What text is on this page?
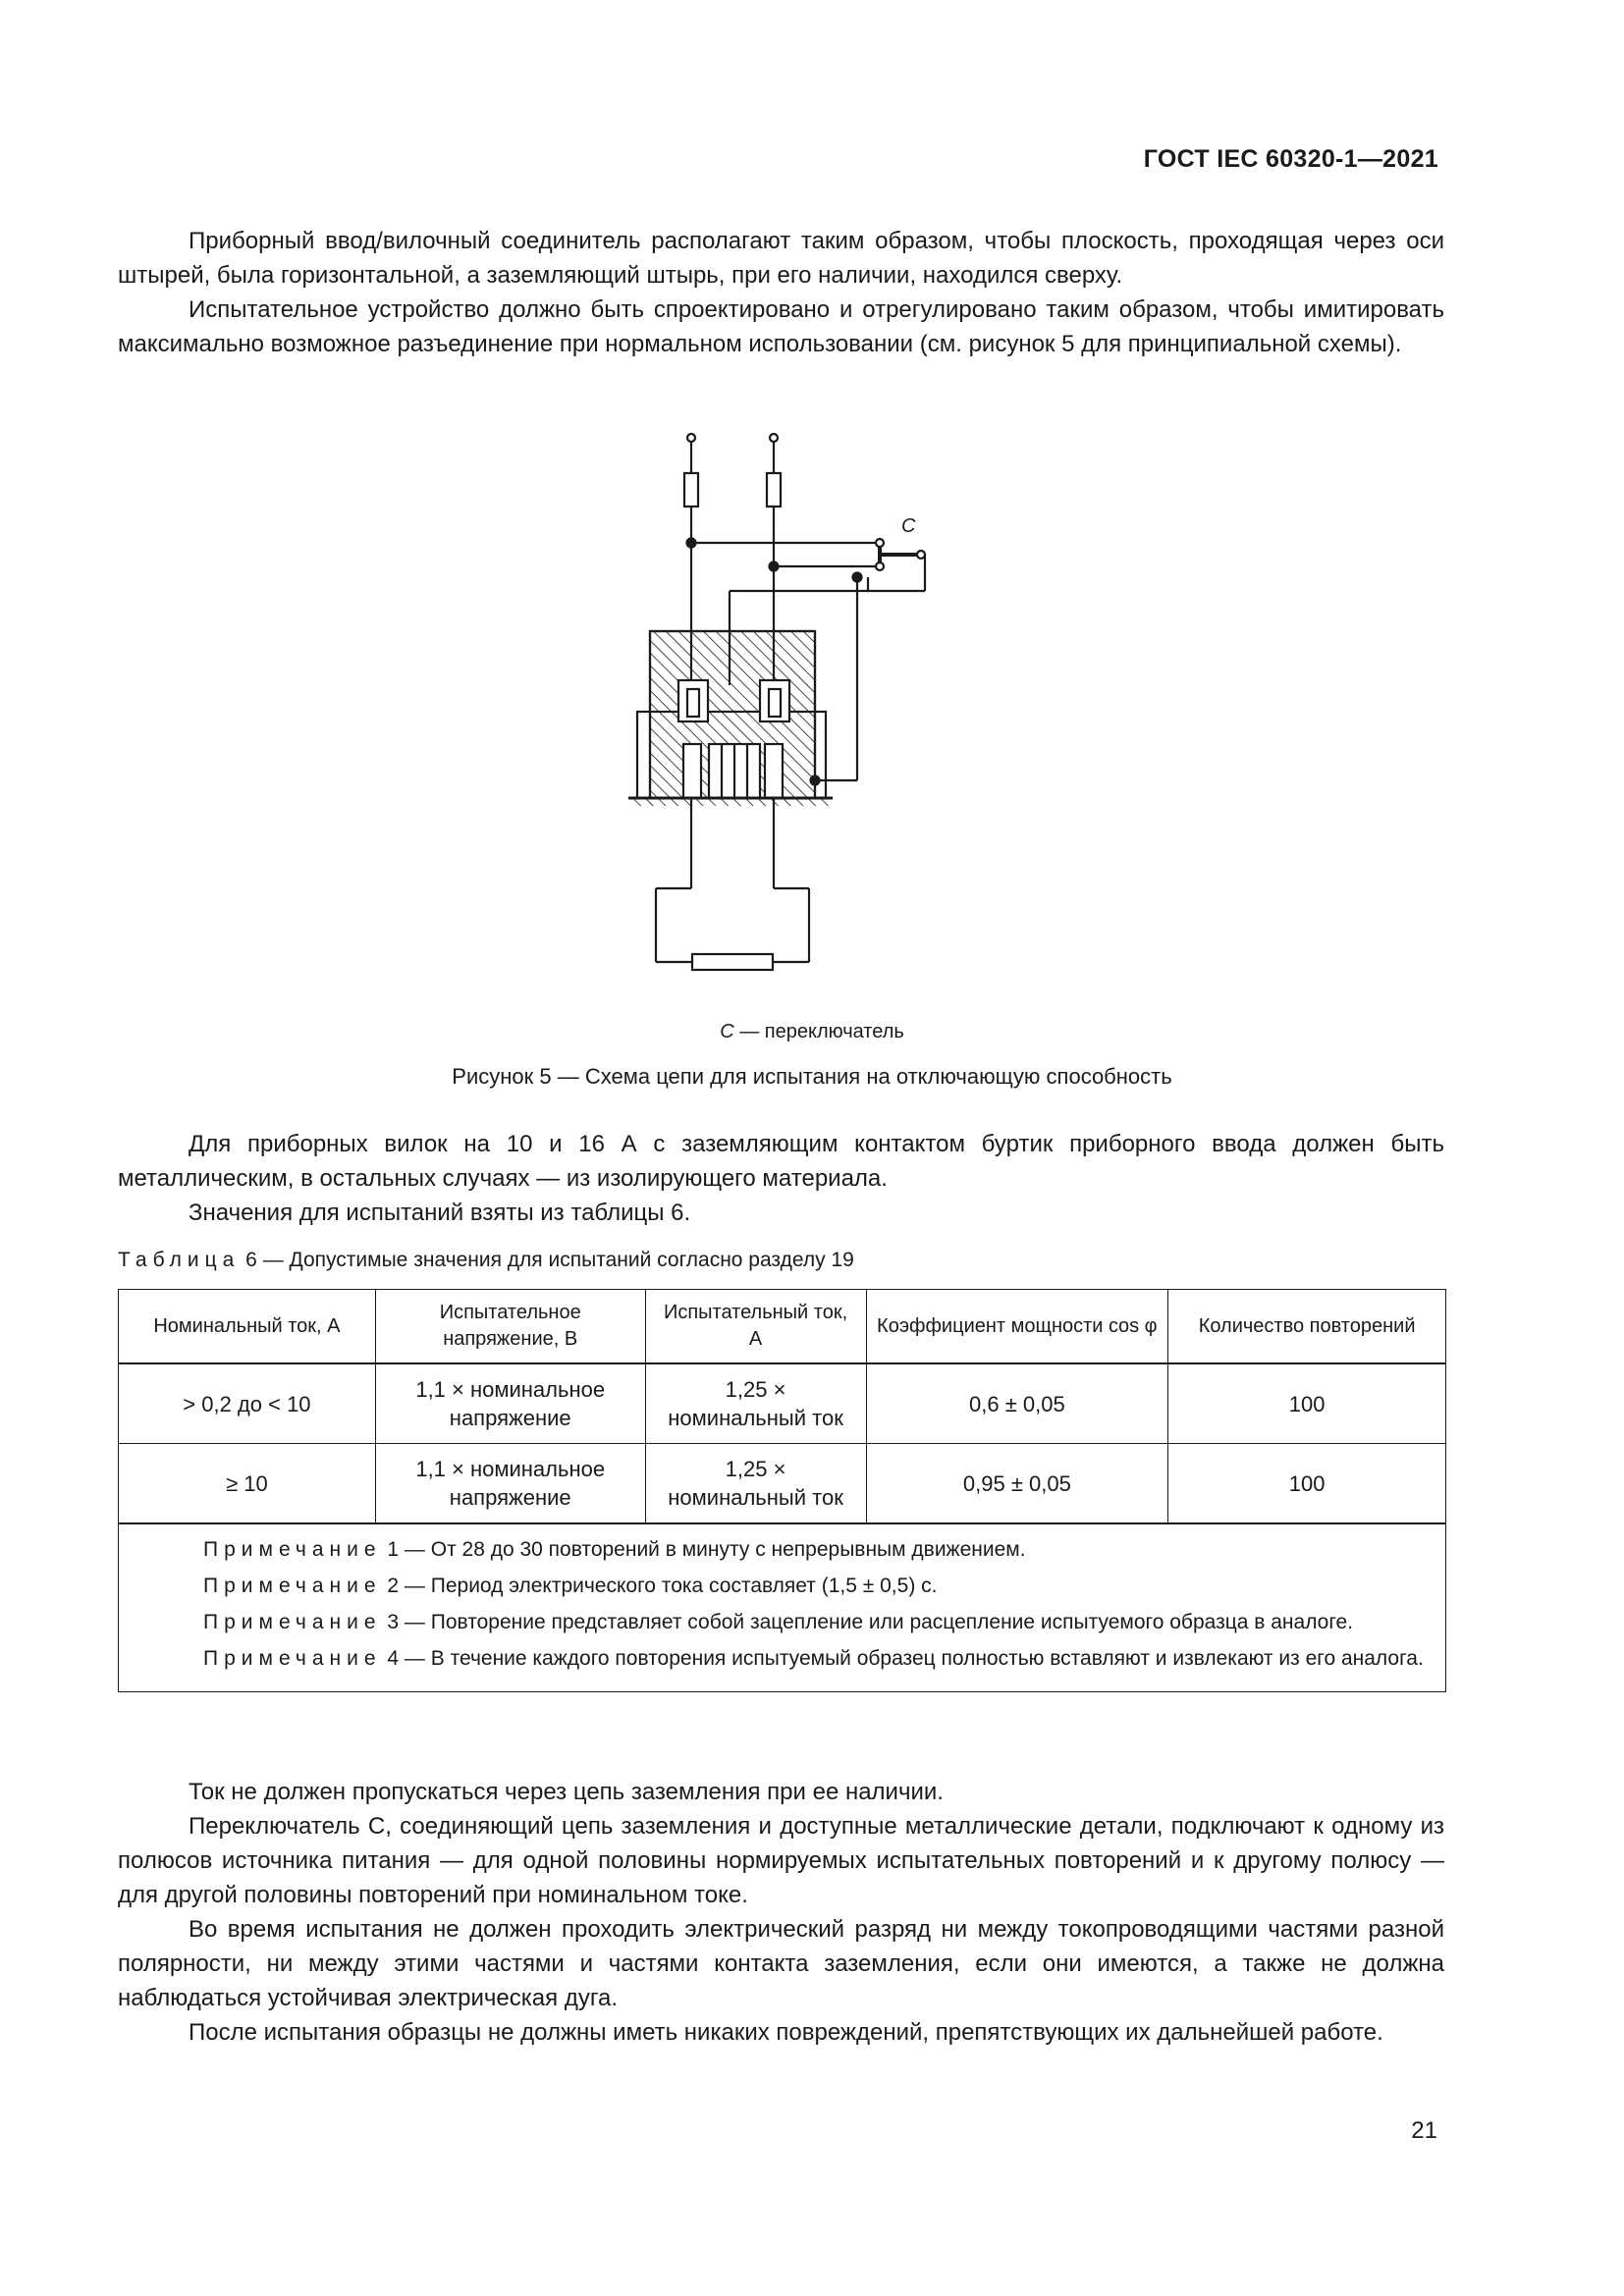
ГОСТ IEC 60320-1—2021

Приборный ввод/вилочный соединитель располагают таким образом, чтобы плоскость, проходящая через оси штырей, была горизонтальной, а заземляющий штырь, при его наличии, находился сверху.

Испытательное устройство должно быть спроектировано и отрегулировано таким образом, чтобы имитировать максимально возможное разъединение при нормальном использовании (см. рисунок 5 для принципиальной схемы).

C
С — переключатель
Рисунок 5 — Схема цепи для испытания на отключающую способность

Для приборных вилок на 10 и 16 А с заземляющим контактом буртик приборного ввода должен быть металлическим, в остальных случаях — из изолирующего материала.

Значения для испытаний взяты из таблицы 6.

Таблица 6 — Допустимые значения для испытаний согласно разделу 19
Номинальный ток, А	Испытательное напряжение, В	Испытательный ток, А	Коэффициент мощности cos φ	Количество повторений
> 0,2 до < 10	1,1 × номинальное напряжение	1,25 × номинальный ток	0,6 ± 0,05	100
≥ 10	1,1 × номинальное напряжение	1,25 × номинальный ток	0,95 ± 0,05	100

Примечание 1 — От 28 до 30 повторений в минуту с непрерывным движением.

Примечание 2 — Период электрического тока составляет (1,5 ± 0,5) с.

Примечание 3 — Повторение представляет собой зацепление или расцепление испытуемого образца в аналоге.

Примечание 4 — В течение каждого повторения испытуемый образец полностью вставляют и извлекают из его аналога.				

Ток не должен пропускаться через цепь заземления при ее наличии.

Переключатель С, соединяющий цепь заземления и доступные металлические детали, подключают к одному из полюсов источника питания — для одной половины нормируемых испытательных повторений и к другому полюсу — для другой половины повторений при номинальном токе.

Во время испытания не должен проходить электрический разряд ни между токопроводящими частями разной полярности, ни между этими частями и частями контакта заземления, если они имеются, а также не должна наблюдаться устойчивая электрическая дуга.

После испытания образцы не должны иметь никаких повреждений, препятствующих их дальнейшей работе.

21
